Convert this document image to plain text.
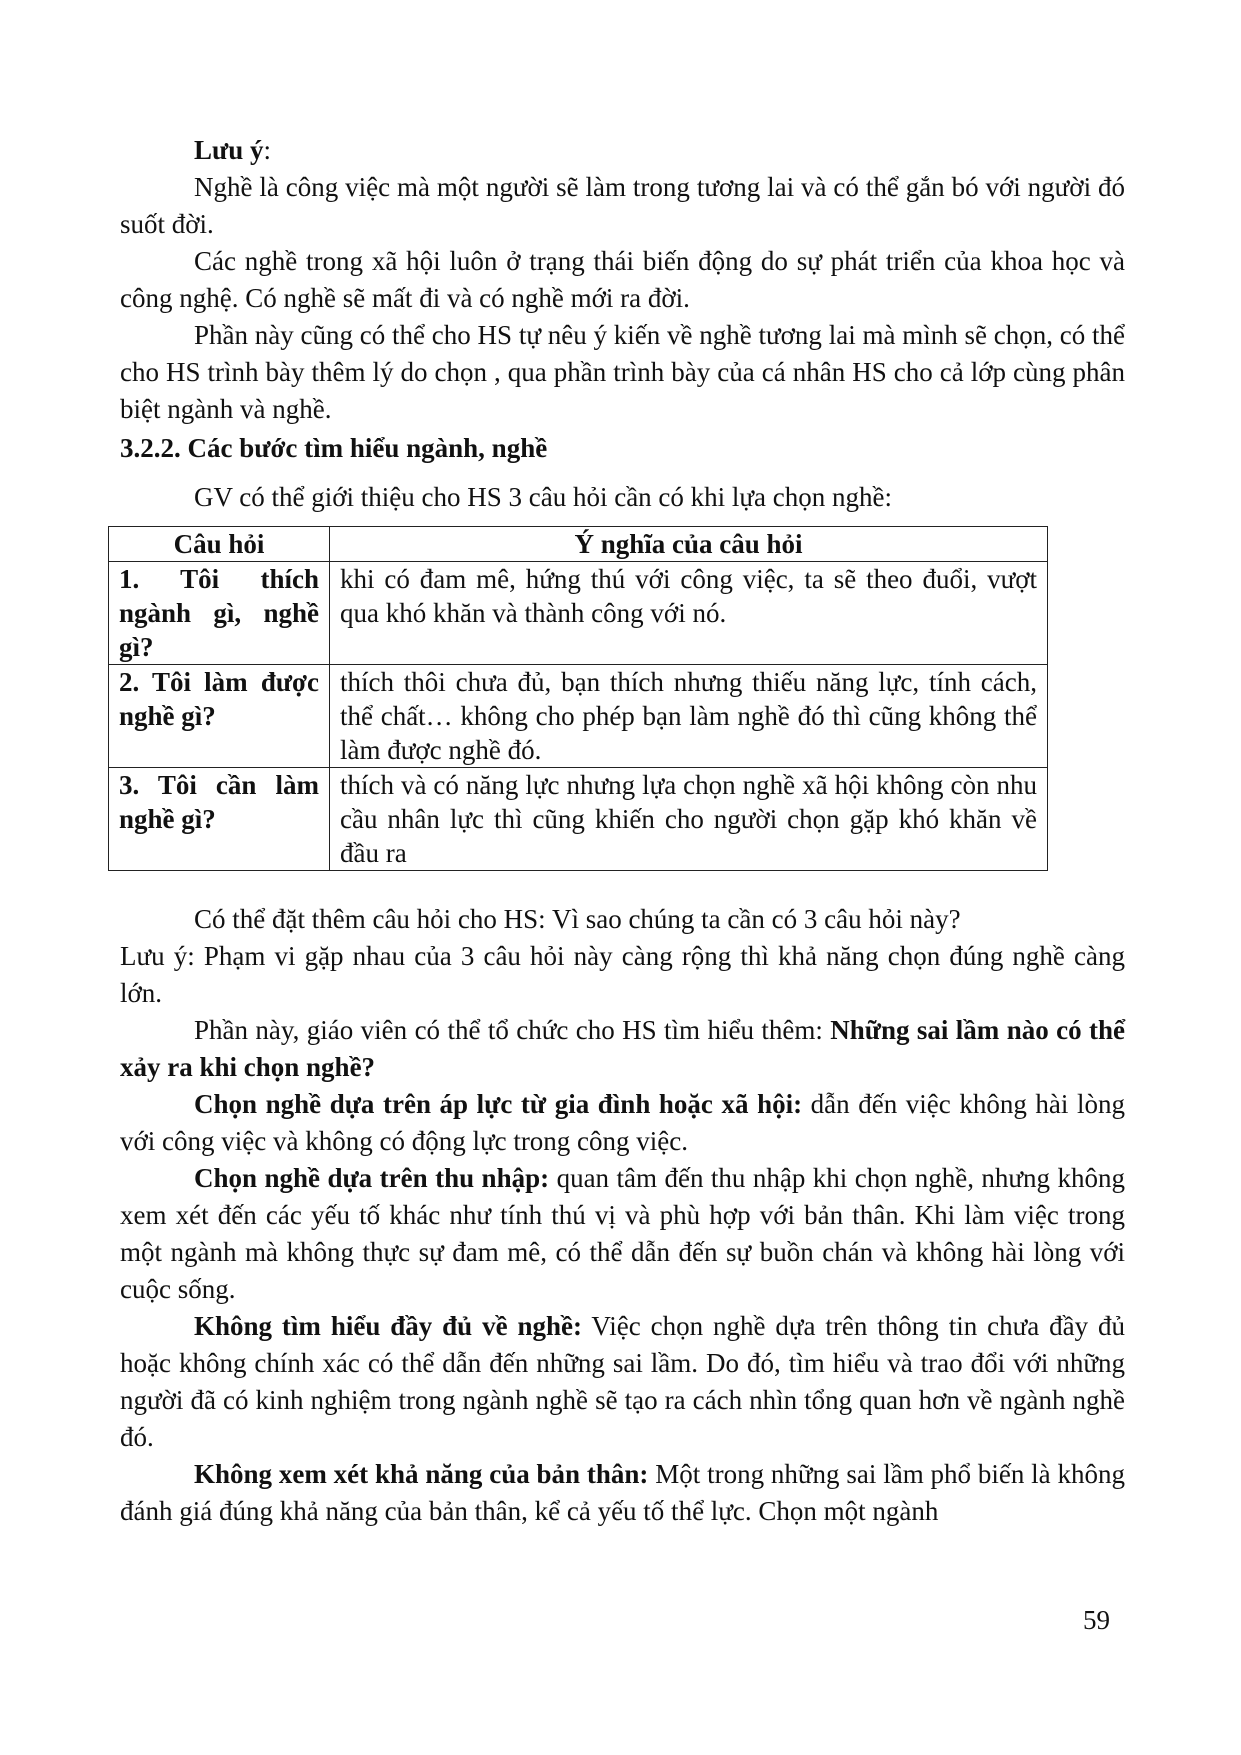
Lưu ý:

Nghề là công việc mà một người sẽ làm trong tương lai và có thể gắn bó với người đó suốt đời.

Các nghề trong xã hội luôn ở trạng thái biến động do sự phát triển của khoa học và công nghệ. Có nghề sẽ mất đi và có nghề mới ra đời.

Phần này cũng có thể cho HS tự nêu ý kiến về nghề tương lai mà mình sẽ chọn, có thể cho HS trình bày thêm lý do chọn , qua phần trình bày của cá nhân HS cho cả lớp cùng phân biệt ngành và nghề.

3.2.2. Các bước tìm hiểu ngành, nghề

GV có thể giới thiệu cho HS 3 câu hỏi cần có khi lựa chọn nghề:

Câu hỏi	Ý nghĩa của câu hỏi
1. Tôi thích ngành gì, nghề gì?	khi có đam mê, hứng thú với công việc, ta sẽ theo đuổi, vượt qua khó khăn và thành công với nó.
2. Tôi làm được nghề gì?	thích thôi chưa đủ, bạn thích nhưng thiếu năng lực, tính cách, thể chất… không cho phép bạn làm nghề đó thì cũng không thể làm được nghề đó.
3. Tôi cần làm nghề gì?	thích và có năng lực nhưng lựa chọn nghề xã hội không còn nhu cầu nhân lực thì cũng khiến cho người chọn gặp khó khăn về đầu ra

Có thể đặt thêm câu hỏi cho HS: Vì sao chúng ta cần có 3 câu hỏi này?

Lưu ý: Phạm vi gặp nhau của 3 câu hỏi này càng rộng thì khả năng chọn đúng nghề càng lớn.

Phần này, giáo viên có thể tổ chức cho HS tìm hiểu thêm: Những sai lầm nào có thể xảy ra khi chọn nghề?

Chọn nghề dựa trên áp lực từ gia đình hoặc xã hội: dẫn đến việc không hài lòng với công việc và không có động lực trong công việc.

Chọn nghề dựa trên thu nhập: quan tâm đến thu nhập khi chọn nghề, nhưng không xem xét đến các yếu tố khác như tính thú vị và phù hợp với bản thân. Khi làm việc trong một ngành mà không thực sự đam mê, có thể dẫn đến sự buồn chán và không hài lòng với cuộc sống.

Không tìm hiểu đầy đủ về nghề: Việc chọn nghề dựa trên thông tin chưa đầy đủ hoặc không chính xác có thể dẫn đến những sai lầm. Do đó, tìm hiểu và trao đổi với những người đã có kinh nghiệm trong ngành nghề sẽ tạo ra cách nhìn tổng quan hơn về ngành nghề đó.

Không xem xét khả năng của bản thân: Một trong những sai lầm phổ biến là không đánh giá đúng khả năng của bản thân, kể cả yếu tố thể lực. Chọn một ngành

59
